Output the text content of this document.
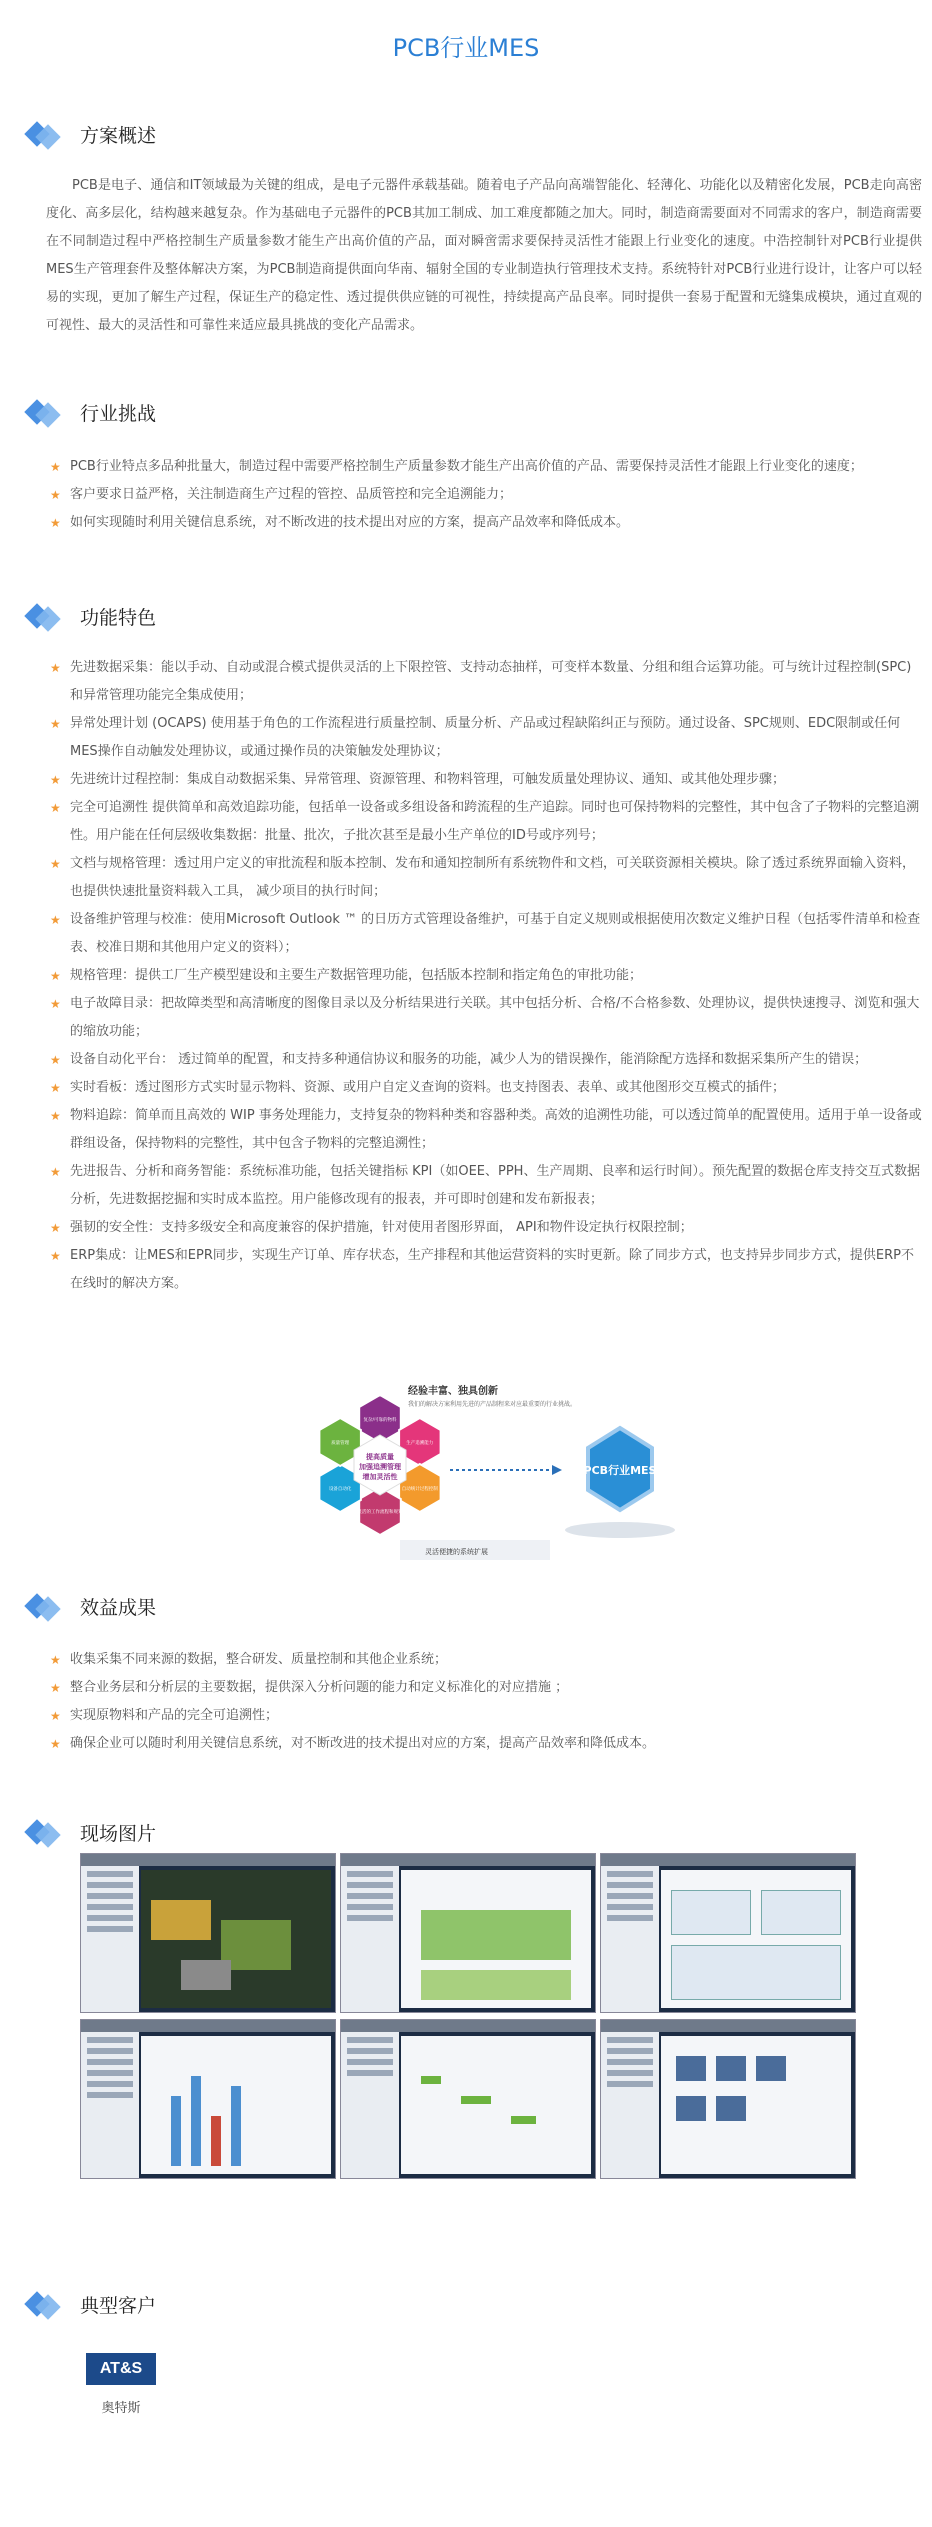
PCB行业MES
方案概述

PCB是电子、通信和IT领域最为关键的组成，是电子元器件承载基础。随着电子产品向高端智能化、轻薄化、功能化以及精密化发展，PCB走向高密度化、高多层化，结构越来越复杂。作为基础电子元器件的PCB其加工制成、加工难度都随之加大。同时，制造商需要面对不同需求的客户，制造商需要在不同制造过程中严格控制生产质量参数才能生产出高价值的产品，面对瞬啻需求要保持灵活性才能跟上行业变化的速度。中浩控制针对PCB行业提供MES生产管理套件及整体解决方案，为PCB制造商提供面向华南、辐射全国的专业制造执行管理技术支持。系统特针对PCB行业进行设计，让客户可以轻易的实现，更加了解生产过程，保证生产的稳定性、透过提供供应链的可视性，持续提高产品良率。同时提供一套易于配置和无缝集成模块，通过直观的可视性、最大的灵活性和可靠性来适应最具挑战的变化产品需求。

行业挑战
★ PCB行业特点多品种批量大，制造过程中需要严格控制生产质量参数才能生产出高价值的产品、需要保持灵活性才能跟上行业变化的速度；
★ 客户要求日益严格，关注制造商生产过程的管控、品质管控和完全追溯能力；
★ 如何实现随时利用关键信息系统，对不断改进的技术提出对应的方案，提高产品效率和降低成本。
功能特色
★ 先进数据采集：能以手动、自动或混合模式提供灵活的上下限控管、支持动态抽样，可变样本数量、分组和组合运算功能。可与统计过程控制(SPC)和异常管理功能完全集成使用；
★ 异常处理计划 (OCAPS) 使用基于角色的工作流程进行质量控制、质量分析、产品或过程缺陷纠正与预防。通过设备、SPC规则、EDC限制或任何MES操作自动触发处理协议，或通过操作员的决策触发处理协议；
★ 先进统计过程控制：集成自动数据采集、异常管理、资源管理、和物料管理，可触发质量处理协议、通知、或其他处理步骤；
★ 完全可追溯性 提供简单和高效追踪功能，包括单一设备或多组设备和跨流程的生产追踪。同时也可保持物料的完整性，其中包含了子物料的完整追溯性。用户能在任何层级收集数据：批量、批次，子批次甚至是最小生产单位的ID号或序列号；
★ 文档与规格管理：透过用户定义的审批流程和版本控制、发布和通知控制所有系统物件和文档，可关联资源相关模块。除了透过系统界面输入资料，也提供快速批量资料载入工具， 减少项目的执行时间；
★ 设备维护管理与校准：使用Microsoft Outlook ™ 的日历方式管理设备维护，可基于自定义规则或根据使用次数定义维护日程（包括零件清单和检查表、校准日期和其他用户定义的资料）；
★ 规格管理：提供工厂生产模型建设和主要生产数据管理功能，包括版本控制和指定角色的审批功能；
★ 电子故障目录：把故障类型和高清晰度的图像目录以及分析结果进行关联。其中包括分析、合格/不合格参数、处理协议，提供快速搜寻、浏览和强大的缩放功能；
★ 设备自动化平台： 透过简单的配置，和支持多种通信协议和服务的功能，减少人为的错误操作，能消除配方选择和数据采集所产生的错误；
★ 实时看板：透过图形方式实时显示物料、资源、或用户自定义查询的资料。也支持图表、表单、或其他图形交互模式的插件；
★ 物料追踪：简单而且高效的 WIP 事务处理能力，支持复杂的物料种类和容器种类。高效的追溯性功能，可以透过简单的配置使用。适用于单一设备或群组设备，保持物料的完整性，其中包含子物料的完整追溯性；
★ 先进报告、分析和商务智能：系统标准功能，包括关键指标 KPI（如OEE、PPH、生产周期、良率和运行时间）。预先配置的数据仓库支持交互式数据分析，先进数据挖掘和实时成本监控。用户能修改现有的报表，并可即时创建和发布新报表；
★ 强韧的安全性：支持多级安全和高度兼容的保护措施，针对使用者图形界面， API和物件设定执行权限控制；
★ ERP集成：让MES和EPR同步，实现生产订单、库存状态，生产排程和其他运营资料的实时更新。除了同步方式，也支持异步同步方式，提供ERP不在线时的解决方案。
经验丰富、独具创新
我们的解决方案利用先进的产品制程来对应最重要的行业挑战。
复杂/可靠的物料
生产追溯能力
自动统计过程控制
灵活的工作流程和规划
设备自动化
质量管理
提高质量
加强追溯管理
增加灵活性	PCB行业MES
灵活便捷的系统扩展
效益成果
★ 收集采集不同来源的数据，整合研发、质量控制和其他企业系统；
★ 整合业务层和分析层的主要数据，提供深入分析问题的能力和定义标准化的对应措施 ；
★ 实现原物料和产品的完全可追溯性；
★ 确保企业可以随时利用关键信息系统，对不断改进的技术提出对应的方案，提高产品效率和降低成本。
现场图片
典型客户
AT&S
奥特斯
